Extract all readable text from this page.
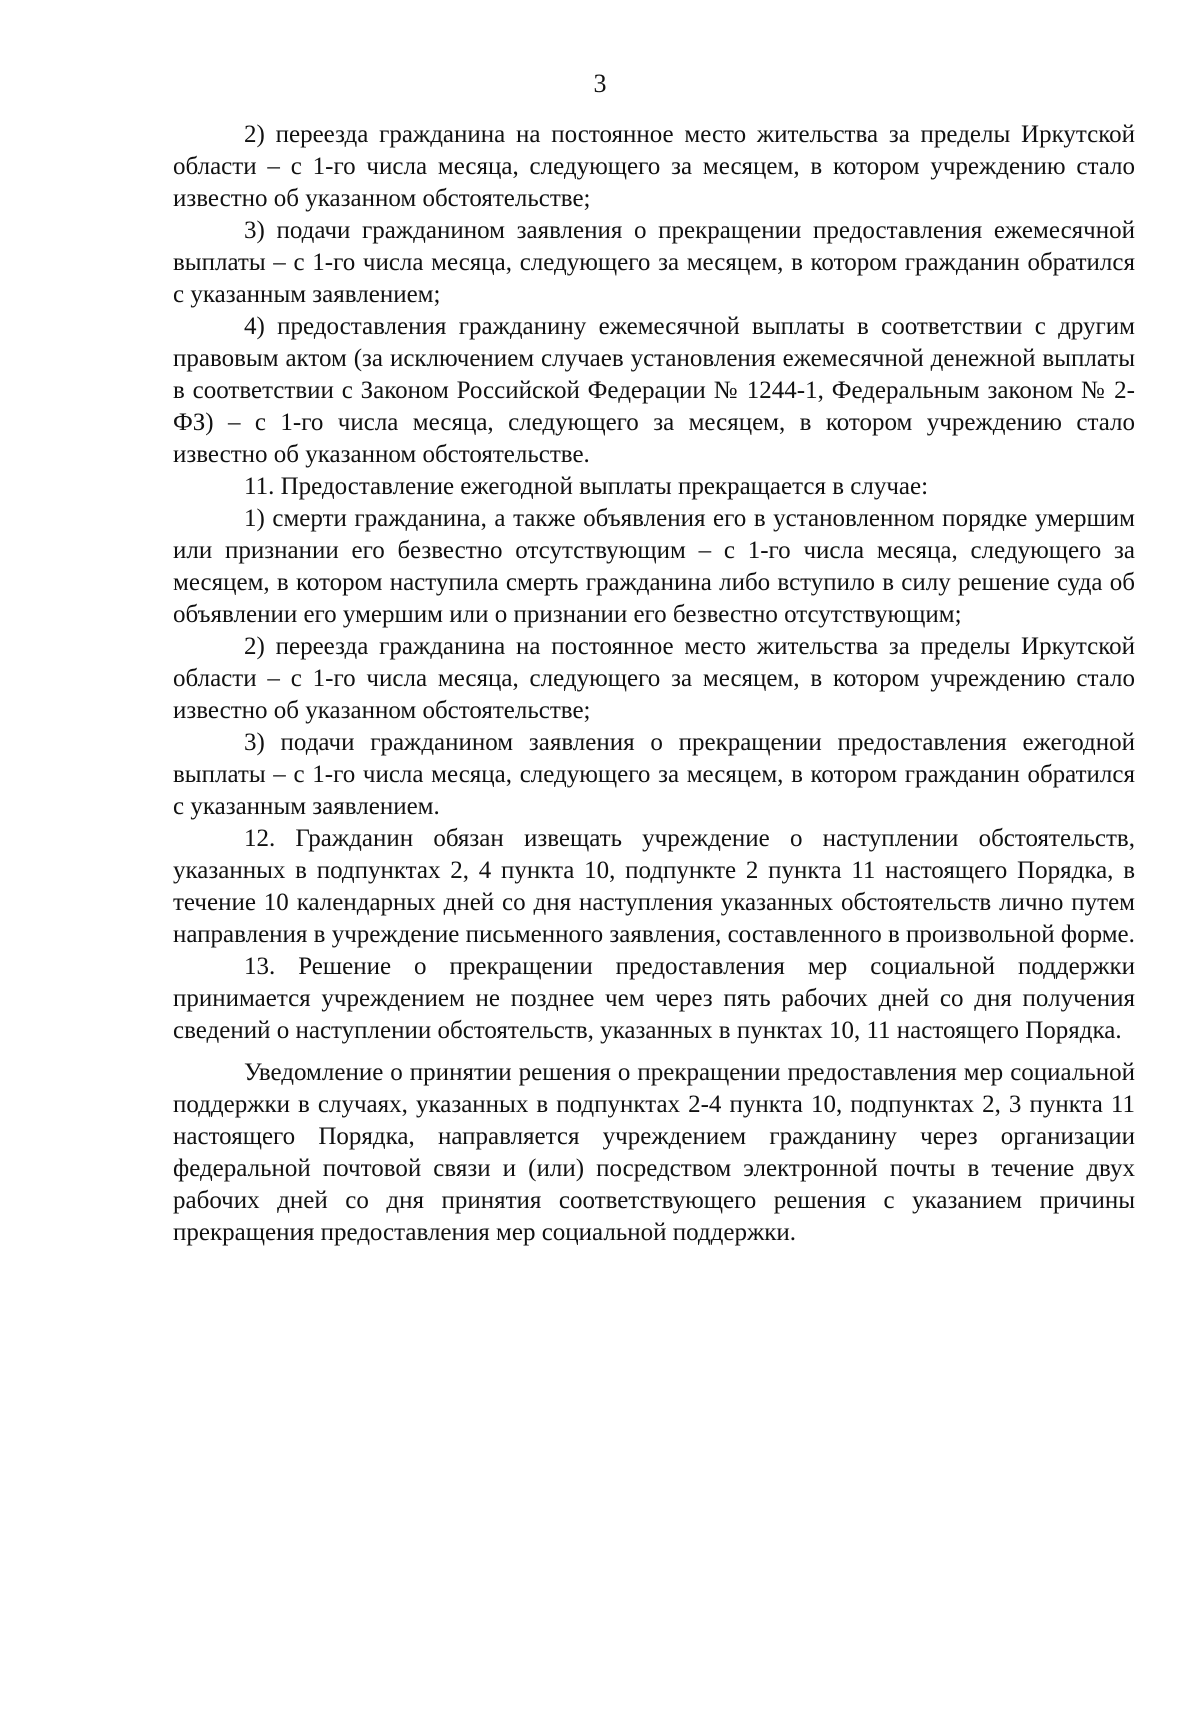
3

2) переезда гражданина на постоянное место жительства за пределы Иркутской области – с 1-го числа месяца, следующего за месяцем, в котором учреждению стало известно об указанном обстоятельстве;

3) подачи гражданином заявления о прекращении предоставления ежемесячной выплаты – с 1-го числа месяца, следующего за месяцем, в котором гражданин обратился с указанным заявлением;

4) предоставления гражданину ежемесячной выплаты в соответствии с другим правовым актом (за исключением случаев установления ежемесячной денежной выплаты в соответствии с Законом Российской Федерации № 1244-1, Федеральным законом № 2-ФЗ) – с 1-го числа месяца, следующего за месяцем, в котором учреждению стало известно об указанном обстоятельстве.

11. Предоставление ежегодной выплаты прекращается в случае:

1) смерти гражданина, а также объявления его в установленном порядке умершим или признании его безвестно отсутствующим – с 1-го числа месяца, следующего за месяцем, в котором наступила смерть гражданина либо вступило в силу решение суда об объявлении его умершим или о признании его безвестно отсутствующим;

2) переезда гражданина на постоянное место жительства за пределы Иркутской области – с 1-го числа месяца, следующего за месяцем, в котором учреждению стало известно об указанном обстоятельстве;

3) подачи гражданином заявления о прекращении предоставления ежегодной выплаты – с 1-го числа месяца, следующего за месяцем, в котором гражданин обратился с указанным заявлением.

12. Гражданин обязан извещать учреждение о наступлении обстоятельств, указанных в подпунктах 2, 4 пункта 10, подпункте 2 пункта 11 настоящего Порядка, в течение 10 календарных дней со дня наступления указанных обстоятельств лично путем направления в учреждение письменного заявления, составленного в произвольной форме.

13. Решение о прекращении предоставления мер социальной поддержки принимается учреждением не позднее чем через пять рабочих дней со дня получения сведений о наступлении обстоятельств, указанных в пунктах 10, 11 настоящего Порядка.

Уведомление о принятии решения о прекращении предоставления мер социальной поддержки в случаях, указанных в подпунктах 2-4 пункта 10, подпунктах 2, 3 пункта 11 настоящего Порядка, направляется учреждением гражданину через организации федеральной почтовой связи и (или) посредством электронной почты в течение двух рабочих дней со дня принятия соответствующего решения с указанием причины прекращения предоставления мер социальной поддержки.
